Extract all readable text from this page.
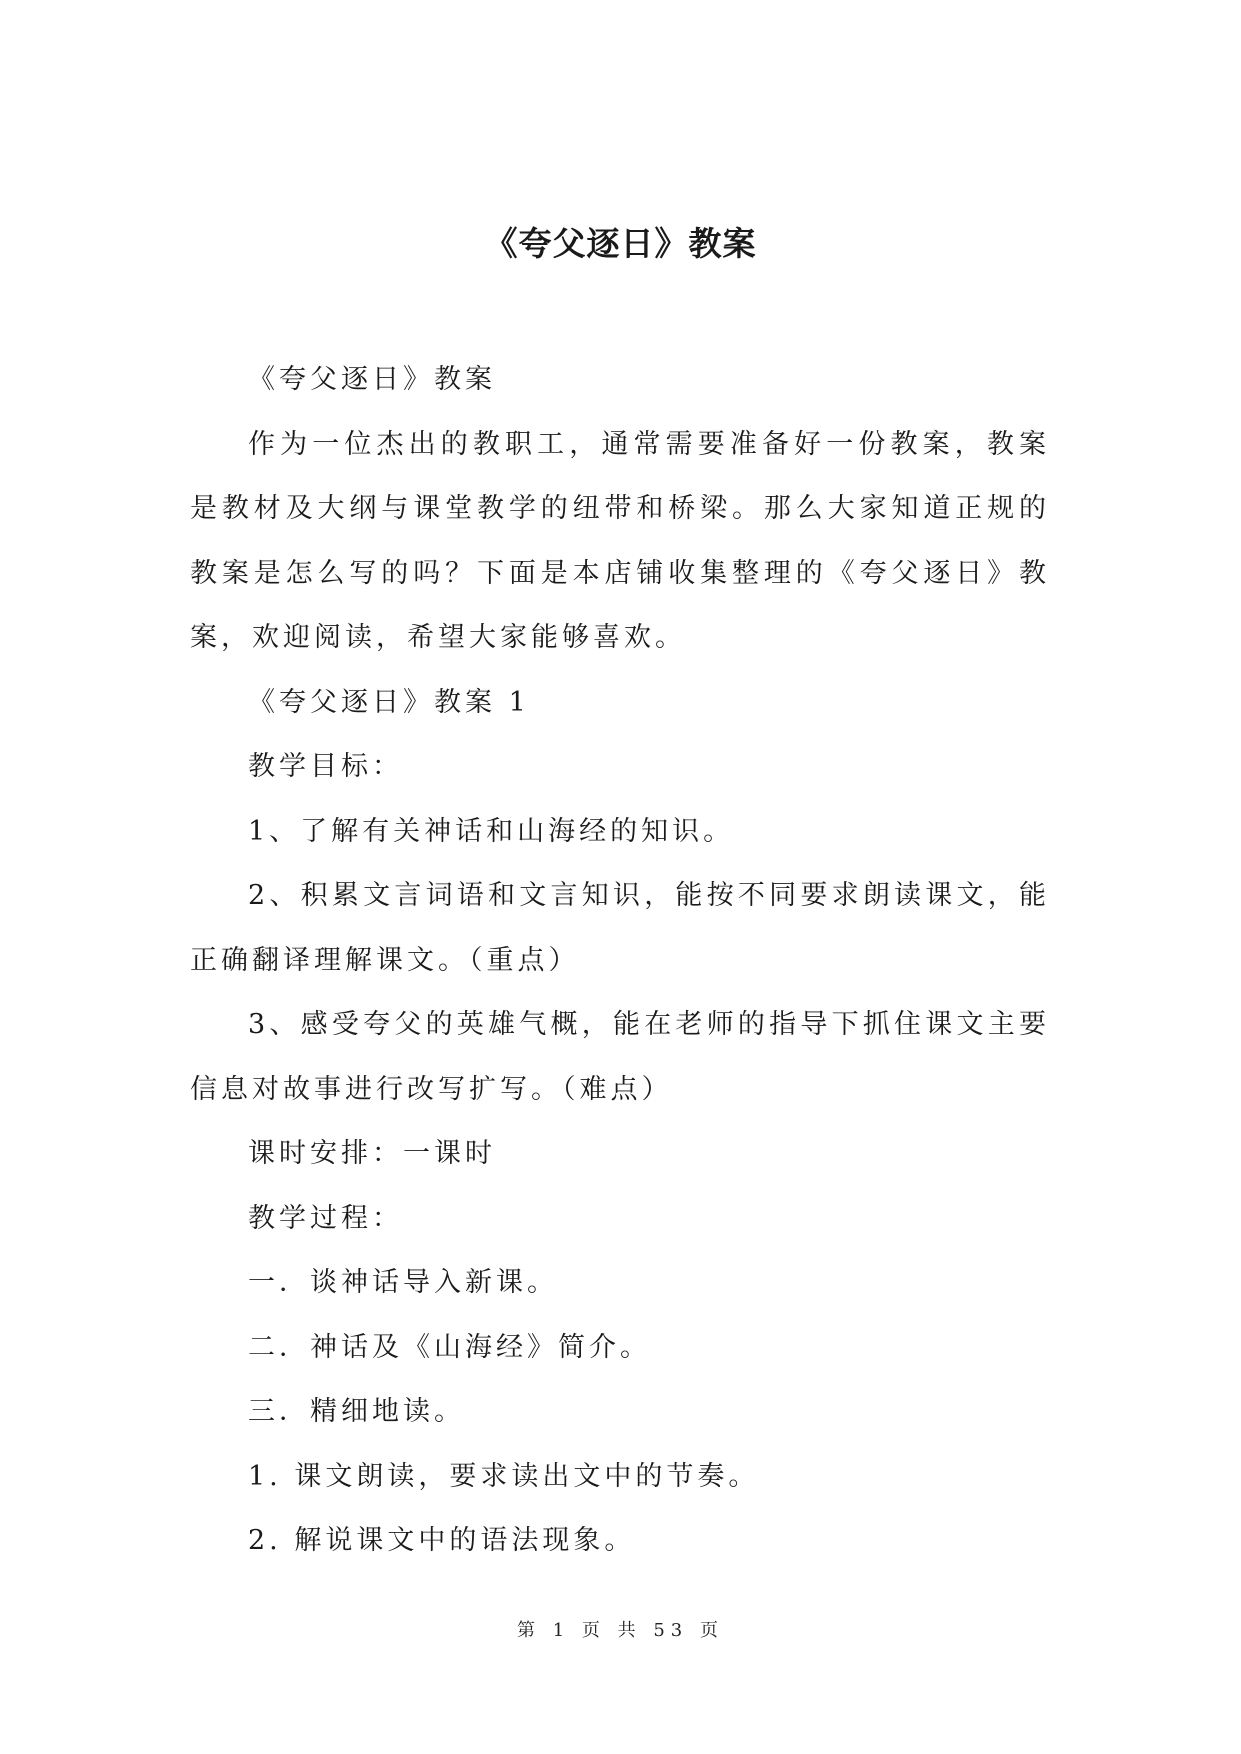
《夸父逐日》教案

《夸父逐日》教案

作为一位杰出的教职工，通常需要准备好一份教案，教案是教材及大纲与课堂教学的纽带和桥梁。那么大家知道正规的教案是怎么写的吗？下面是本店铺收集整理的《夸父逐日》教案，欢迎阅读，希望大家能够喜欢。

《夸父逐日》教案 1

教学目标：

1、了解有关神话和山海经的知识。

2、积累文言词语和文言知识，能按不同要求朗读课文，能正确翻译理解课文。（重点）

3、感受夸父的英雄气概，能在老师的指导下抓住课文主要信息对故事进行改写扩写。（难点）

课时安排：一课时

教学过程：

一．谈神话导入新课。

二．神话及《山海经》简介。

三．精细地读。

1. 课文朗读，要求读出文中的节奏。

2. 解说课文中的语法现象。

第 1 页 共 53 页
